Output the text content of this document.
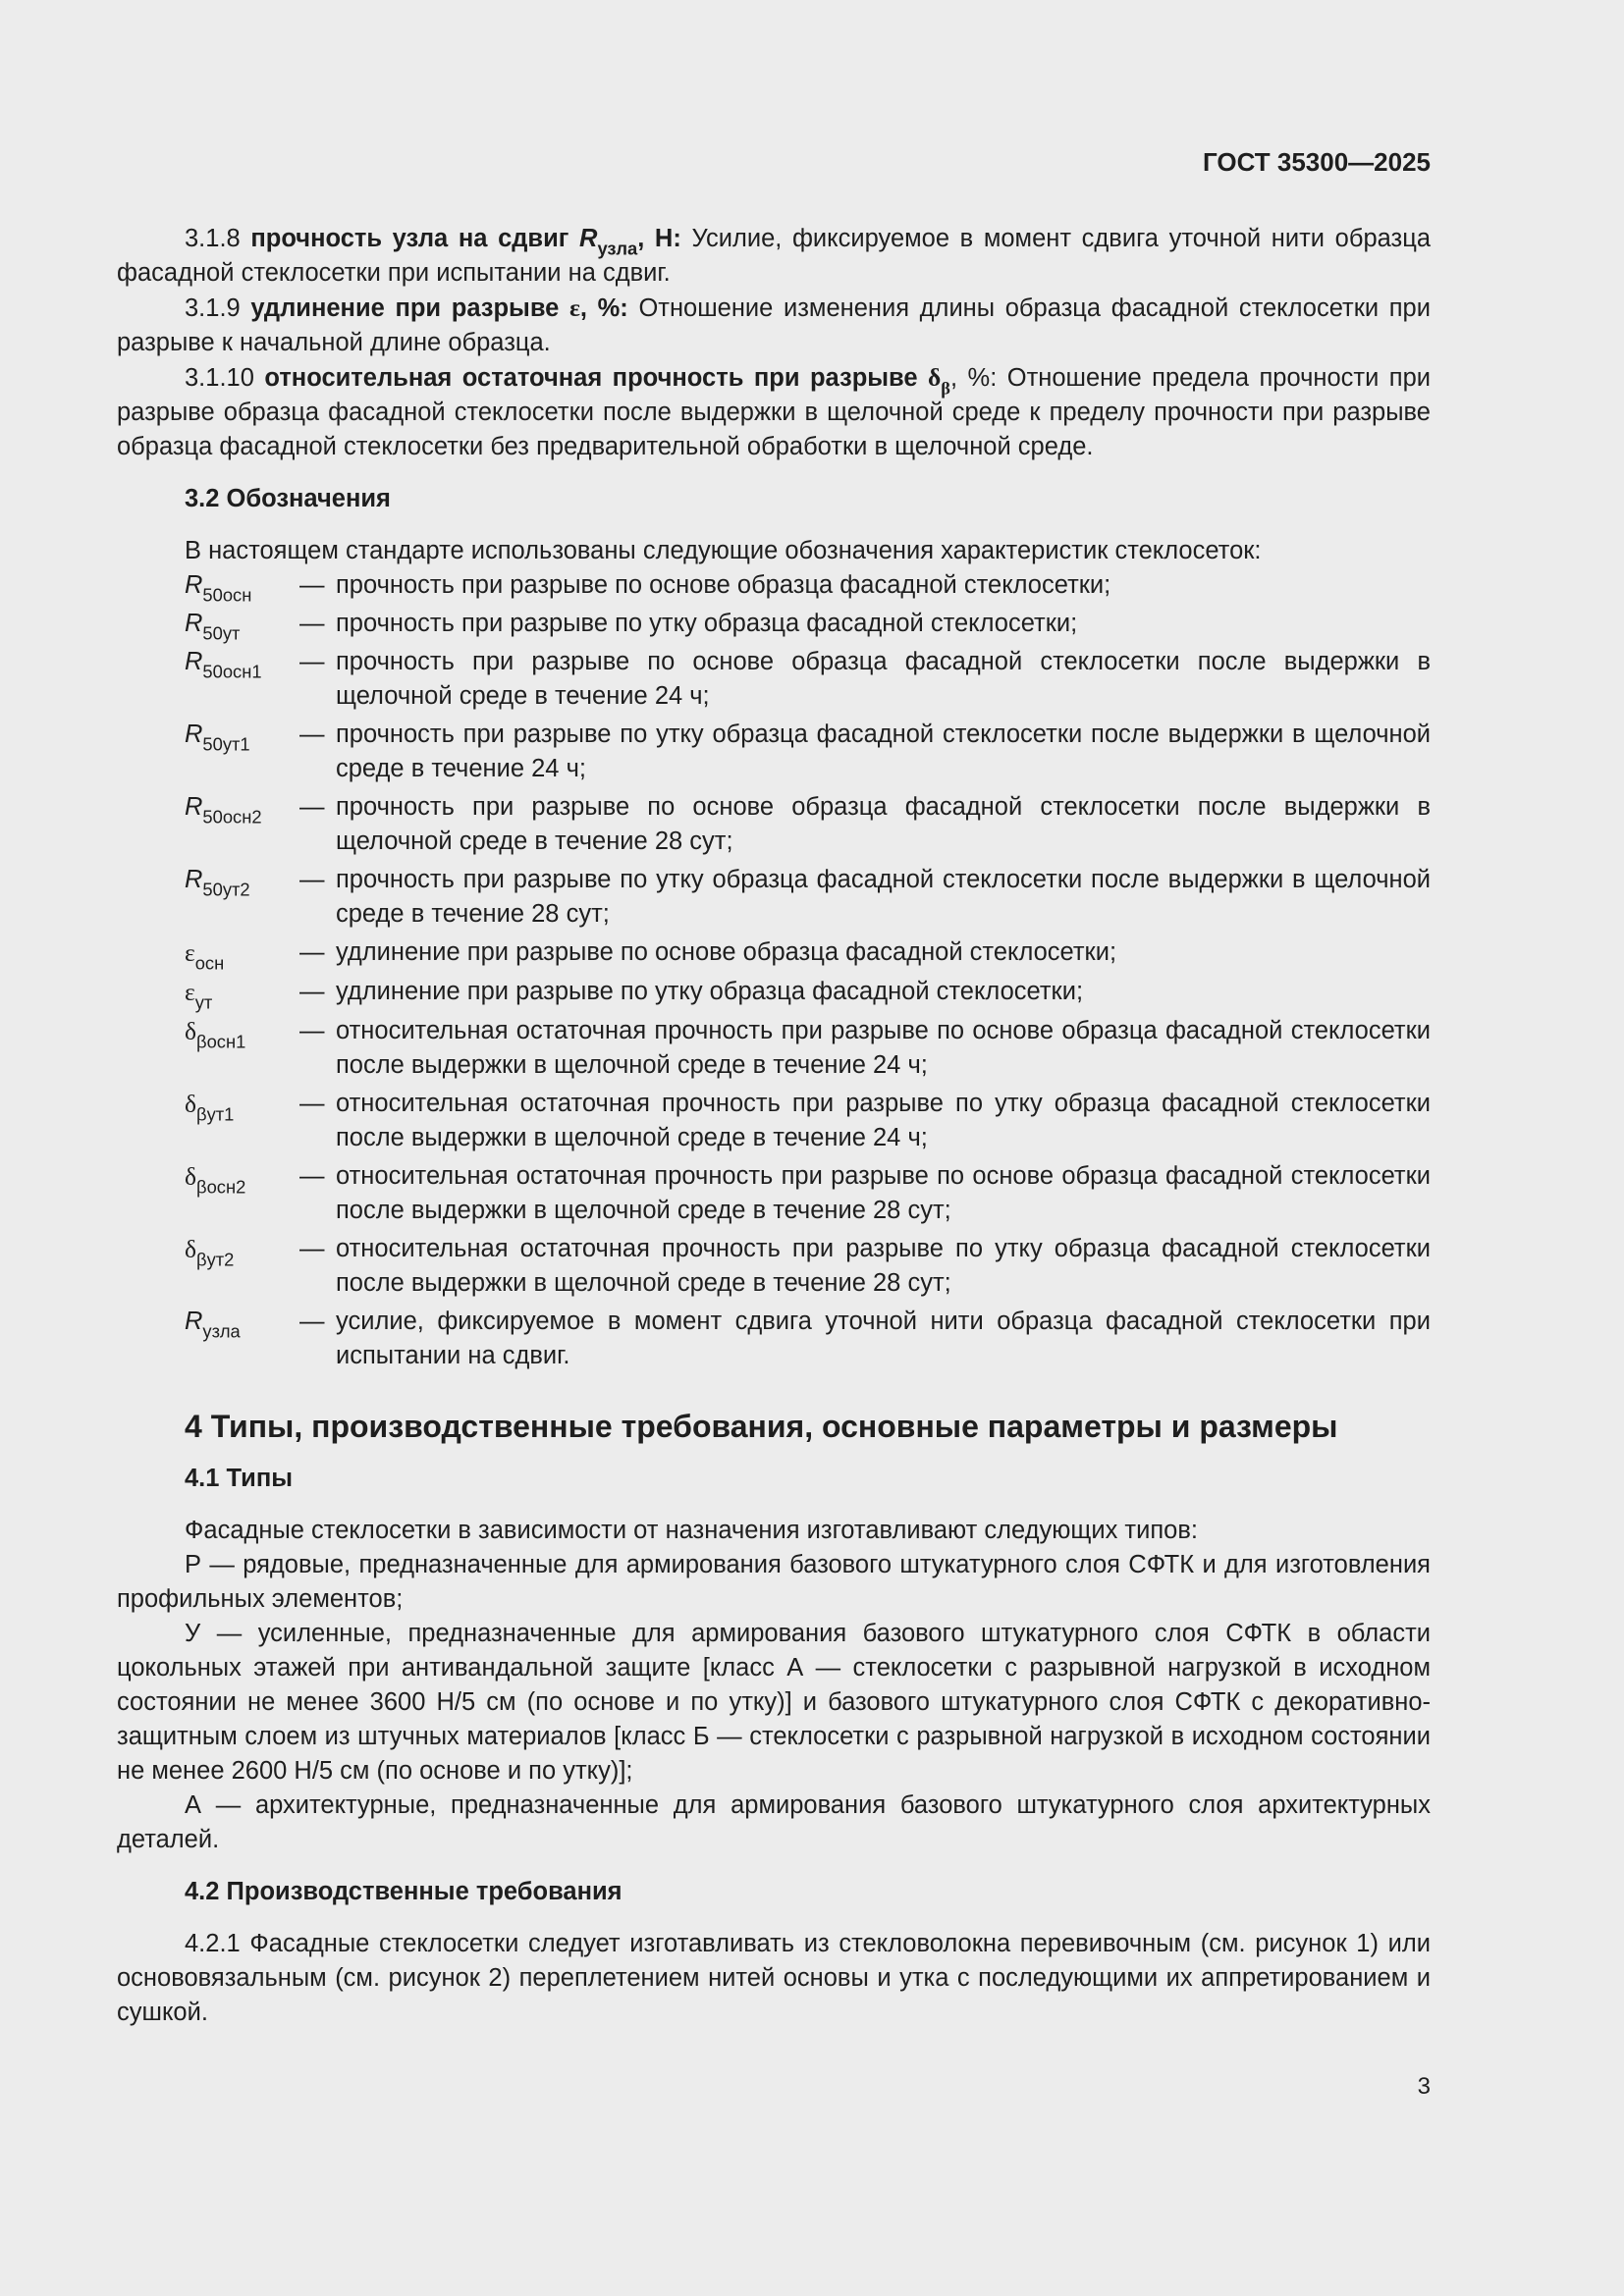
ГОСТ 35300—2025

3.1.8 прочность узла на сдвиг $R_{узла}$, Н: Усилие, фиксируемое в момент сдвига уточной нити образца фасадной стеклосетки при испытании на сдвиг.

3.1.9 удлинение при разрыве ε, %: Отношение изменения длины образца фасадной стеклосетки при разрыве к начальной длине образца.

3.1.10 относительная остаточная прочность при разрыве $\delta_\beta$, %: Отношение предела прочности при разрыве образца фасадной стеклосетки после выдержки в щелочной среде к пределу прочности при разрыве образца фасадной стеклосетки без предварительной обработки в щелочной среде.

3.2 Обозначения

В настоящем стандарте использованы следующие обозначения характеристик стеклосеток:

$R_{50осн}$	— прочность при разрыве по основе образца фасадной стеклосетки;
$R_{50ут}$	— прочность при разрыве по утку образца фасадной стеклосетки;
$R_{50осн1}$	— прочность при разрыве по основе образца фасадной стеклосетки после выдержки в щелочной среде в течение 24 ч;
$R_{50ут1}$	— прочность при разрыве по утку образца фасадной стеклосетки после выдержки в щелочной среде в течение 24 ч;
$R_{50осн2}$	— прочность при разрыве по основе образца фасадной стеклосетки после выдержки в щелочной среде в течение 28 сут;
$R_{50ут2}$	— прочность при разрыве по утку образца фасадной стеклосетки после выдержки в щелочной среде в течение 28 сут;
$\varepsilon_{осн}$	— удлинение при разрыве по основе образца фасадной стеклосетки;
$\varepsilon_{ут}$	— удлинение при разрыве по утку образца фасадной стеклосетки;
$\delta_{\beta осн1}$	— относительная остаточная прочность при разрыве по основе образца фасадной стеклосетки после выдержки в щелочной среде в течение 24 ч;
$\delta_{\beta ут1}$	— относительная остаточная прочность при разрыве по утку образца фасадной стеклосетки после выдержки в щелочной среде в течение 24 ч;
$\delta_{\beta осн2}$	— относительная остаточная прочность при разрыве по основе образца фасадной стеклосетки после выдержки в щелочной среде в течение 28 сут;
$\delta_{\beta ут2}$	— относительная остаточная прочность при разрыве по утку образца фасадной стеклосетки после выдержки в щелочной среде в течение 28 сут;
$R_{узла}$	— усилие, фиксируемое в момент сдвига уточной нити образца фасадной стеклосетки при испытании на сдвиг.
4 Типы, производственные требования, основные параметры и размеры
4.1 Типы

Фасадные стеклосетки в зависимости от назначения изготавливают следующих типов:

Р — рядовые, предназначенные для армирования базового штукатурного слоя СФТК и для изготовления профильных элементов;

У — усиленные, предназначенные для армирования базового штукатурного слоя СФТК в области цокольных этажей при антивандальной защите [класс А — стеклосетки с разрывной нагрузкой в исходном состоянии не менее 3600 Н/5 см (по основе и по утку)] и базового штукатурного слоя СФТК с декоративно-защитным слоем из штучных материалов [класс Б — стеклосетки с разрывной нагрузкой в исходном состоянии не менее 2600 Н/5 см (по основе и по утку)];

А — архитектурные, предназначенные для армирования базового штукатурного слоя архитектурных деталей.

4.2 Производственные требования

4.2.1 Фасадные стеклосетки следует изготавливать из стекловолокна перевивочным (см. рисунок 1) или основовязальным (см. рисунок 2) переплетением нитей основы и утка с последующими их аппретированием и сушкой.

3
